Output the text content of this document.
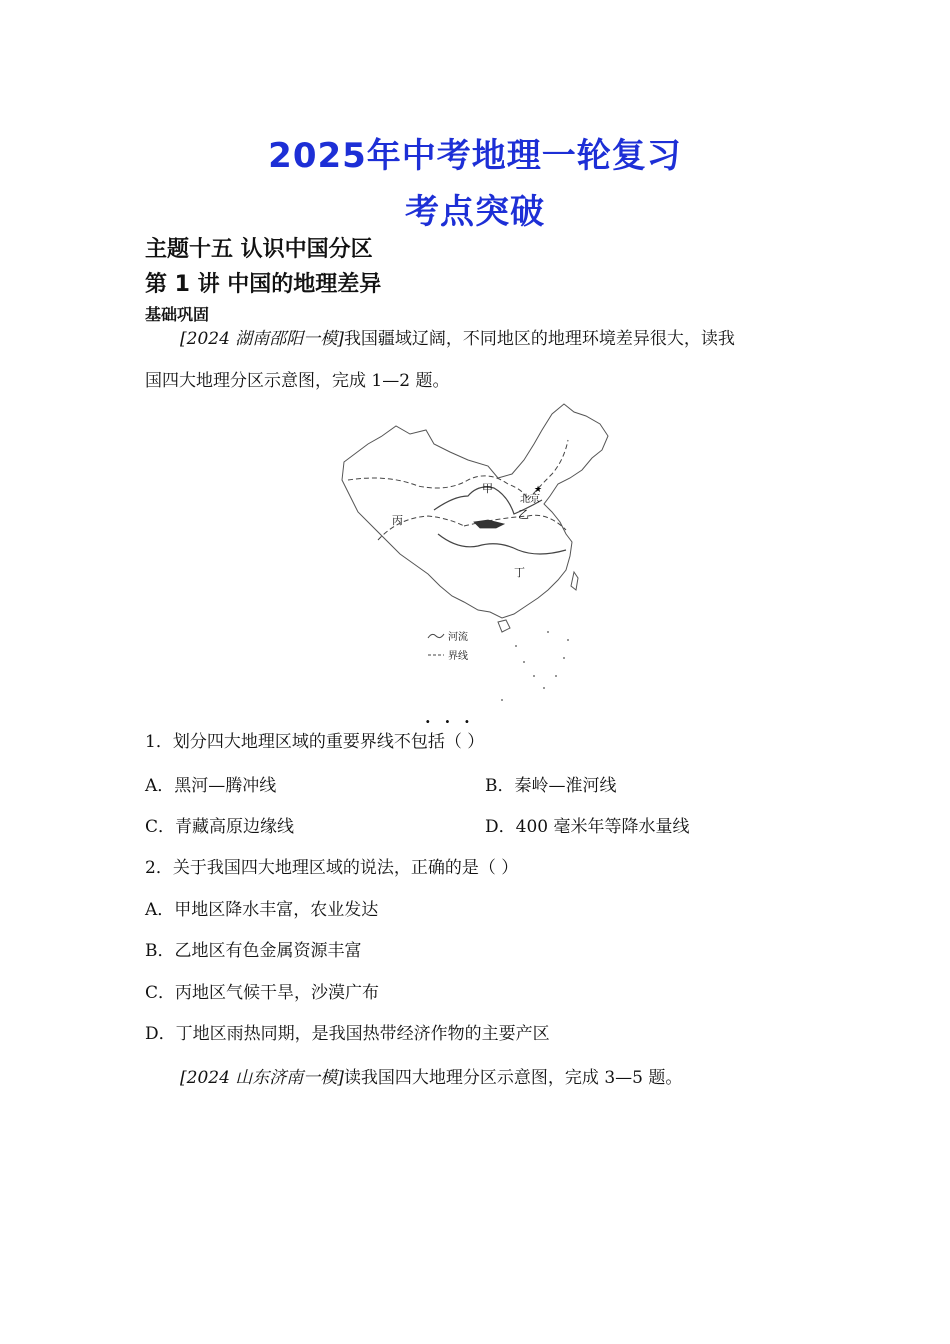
2025年中考地理一轮复习
考点突破
主题十五 认识中国分区
第 1 讲 中国的地理差异
基础巩固
[2024 湖南邵阳一模]我国疆域辽阔，不同地区的地理环境差异很大，读我
国四大地理分区示意图，完成 1—2 题。
★
甲
北京
乙
丙
丁
河流
界线
1．划分四大地理区域的重要界线不包括（ ）
···
A．黑河—腾冲线	B．秦岭—淮河线
C．青藏高原边缘线	D．400 毫米年等降水量线
2．关于我国四大地理区域的说法，正确的是（ ）
A．甲地区降水丰富，农业发达
B．乙地区有色金属资源丰富
C．丙地区气候干旱，沙漠广布
D．丁地区雨热同期，是我国热带经济作物的主要产区
[2024 山东济南一模]读我国四大地理分区示意图，完成 3—5 题。
